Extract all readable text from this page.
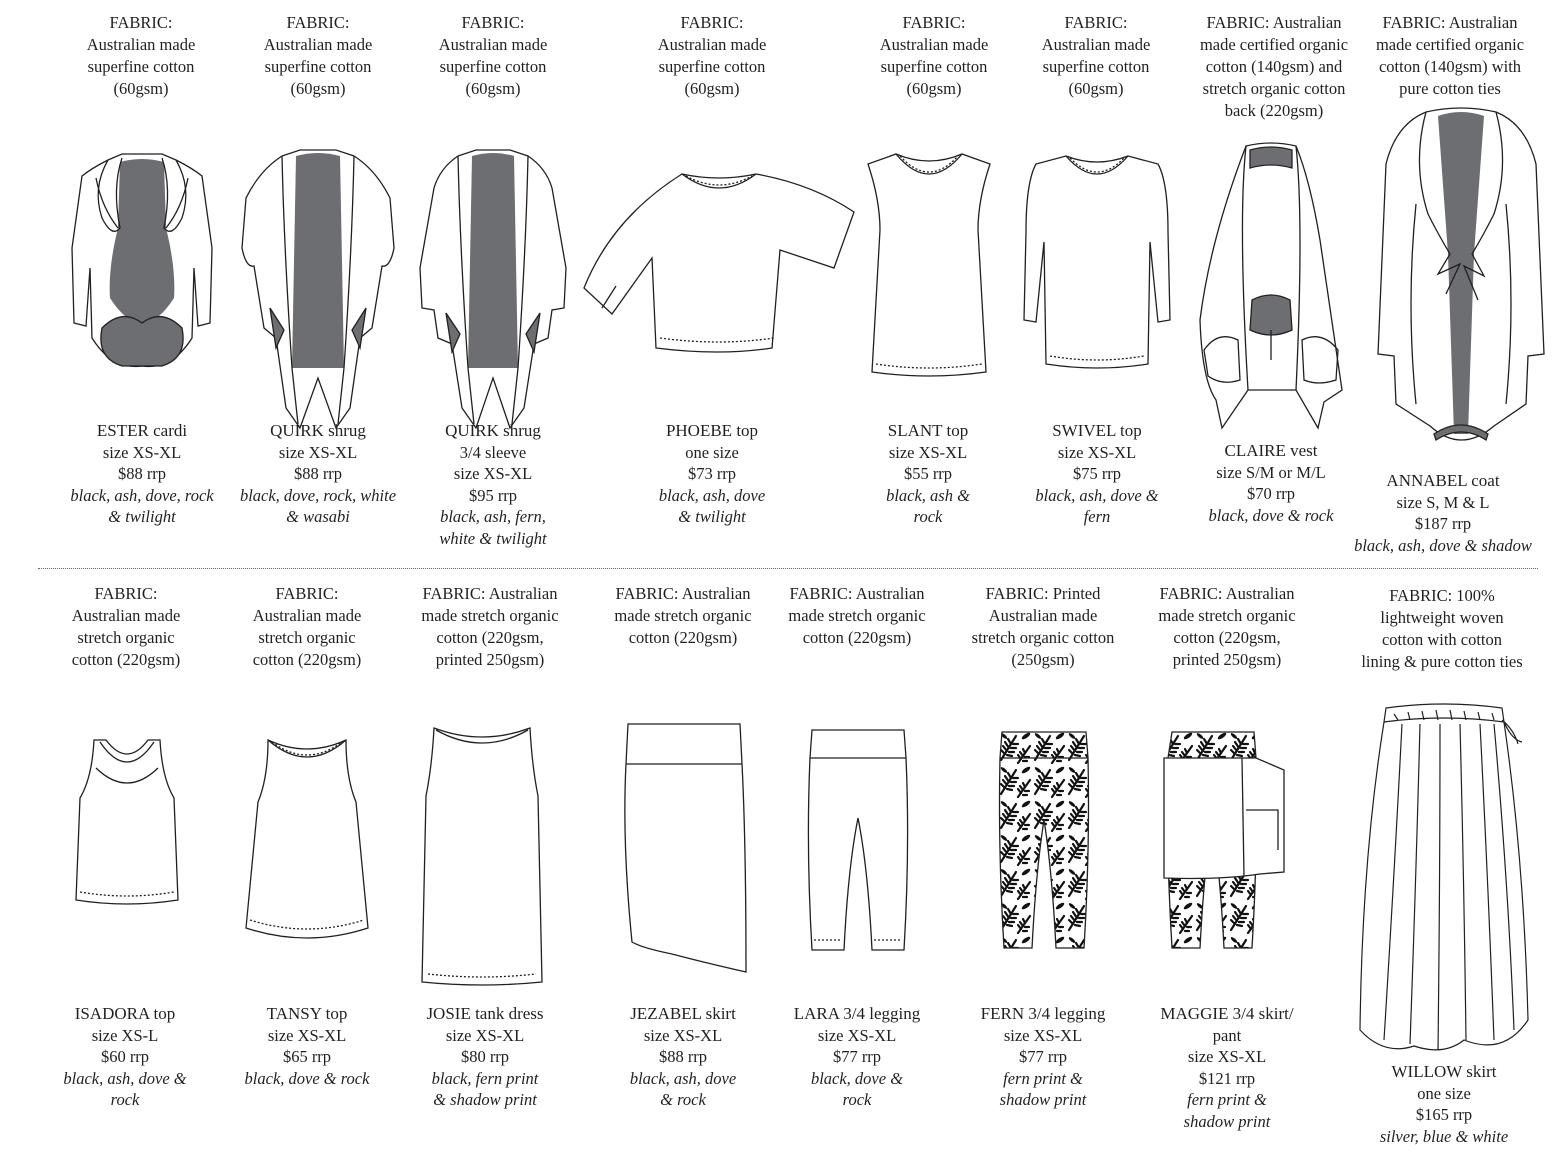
FABRIC:
Australian made
superfine cotton
(60gsm)
ESTER cardi
size XS-XL
$88 rrp
black, ash, dove, rock
& twilight
FABRIC:
Australian made
superfine cotton
(60gsm)
QUIRK shrug
size XS-XL
$88 rrp
black, dove, rock, white
& wasabi
FABRIC:
Australian made
superfine cotton
(60gsm)
QUIRK shrug
3/4 sleeve
size XS-XL
$95 rrp
black, ash, fern,
white & twilight
FABRIC:
Australian made
superfine cotton
(60gsm)
PHOEBE top
one size
$73 rrp
black, ash, dove
& twilight
FABRIC:
Australian made
superfine cotton
(60gsm)
SLANT top
size XS-XL
$55 rrp
black, ash &
rock
FABRIC:
Australian made
superfine cotton
(60gsm)
SWIVEL top
size XS-XL
$75 rrp
black, ash, dove &
fern
FABRIC: Australian
made certified organic
cotton (140gsm) and
stretch organic cotton
back (220gsm)
CLAIRE vest
size S/M or M/L
$70 rrp
black, dove & rock
FABRIC: Australian
made certified organic
cotton (140gsm) with
pure cotton ties
ANNABEL coat
size S, M & L
$187 rrp
black, ash, dove & shadow
FABRIC:
Australian made
stretch organic
cotton (220gsm)
ISADORA top
size XS-L
$60 rrp
black, ash, dove &
rock
FABRIC:
Australian made
stretch organic
cotton (220gsm)
TANSY top
size XS-XL
$65 rrp
black, dove & rock
FABRIC: Australian
made stretch organic
cotton (220gsm,
printed 250gsm)
JOSIE tank dress
size XS-XL
$80 rrp
black, fern print
& shadow print
FABRIC: Australian
made stretch organic
cotton (220gsm)
JEZABEL skirt
size XS-XL
$88 rrp
black, ash, dove
& rock
FABRIC: Australian
made stretch organic
cotton (220gsm)
LARA 3/4 legging
size XS-XL
$77 rrp
black, dove &
rock
FABRIC: Printed
Australian made
stretch organic cotton
(250gsm)
FERN 3/4 legging
size XS-XL
$77 rrp
fern print &
shadow print
FABRIC: Australian
made stretch organic
cotton (220gsm,
printed 250gsm)
MAGGIE 3/4 skirt/
pant
size XS-XL
$121 rrp
fern print &
shadow print
FABRIC: 100%
lightweight woven
cotton with cotton
lining & pure cotton ties
WILLOW skirt
one size
$165 rrp
silver, blue & white
